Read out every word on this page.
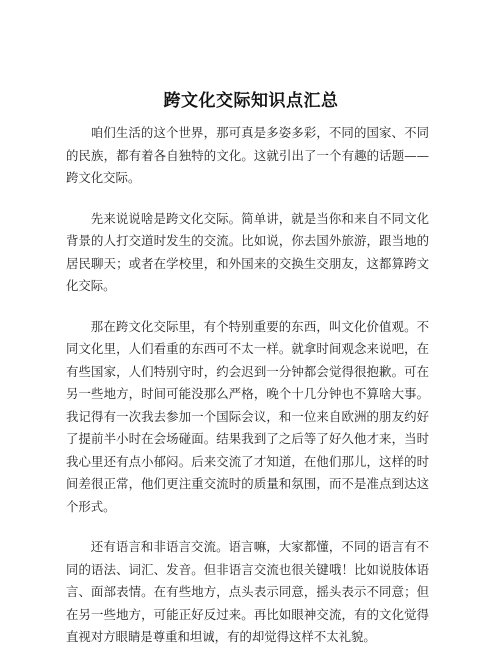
跨文化交际知识点汇总

咱们生活的这个世界，那可真是多姿多彩，不同的国家、不同的民族，都有着各自独特的文化。这就引出了一个有趣的话题——跨文化交际。

先来说说啥是跨文化交际。简单讲，就是当你和来自不同文化背景的人打交道时发生的交流。比如说，你去国外旅游，跟当地的居民聊天；或者在学校里，和外国来的交换生交朋友，这都算跨文化交际。

那在跨文化交际里，有个特别重要的东西，叫文化价值观。不同文化里，人们看重的东西可不太一样。就拿时间观念来说吧，在有些国家，人们特别守时，约会迟到一分钟都会觉得很抱歉。可在另一些地方，时间可能没那么严格，晚个十几分钟也不算啥大事。我记得有一次我去参加一个国际会议，和一位来自欧洲的朋友约好了提前半小时在会场碰面。结果我到了之后等了好久他才来，当时我心里还有点小郁闷。后来交流了才知道，在他们那儿，这样的时间差很正常，他们更注重交流时的质量和氛围，而不是准点到达这个形式。

还有语言和非语言交流。语言嘛，大家都懂，不同的语言有不同的语法、词汇、发音。但非语言交流也很关键哦！比如说肢体语言、面部表情。在有些地方，点头表示同意，摇头表示不同意；但在另一些地方，可能正好反过来。再比如眼神交流，有的文化觉得直视对方眼睛是尊重和坦诚，有的却觉得这样不太礼貌。
